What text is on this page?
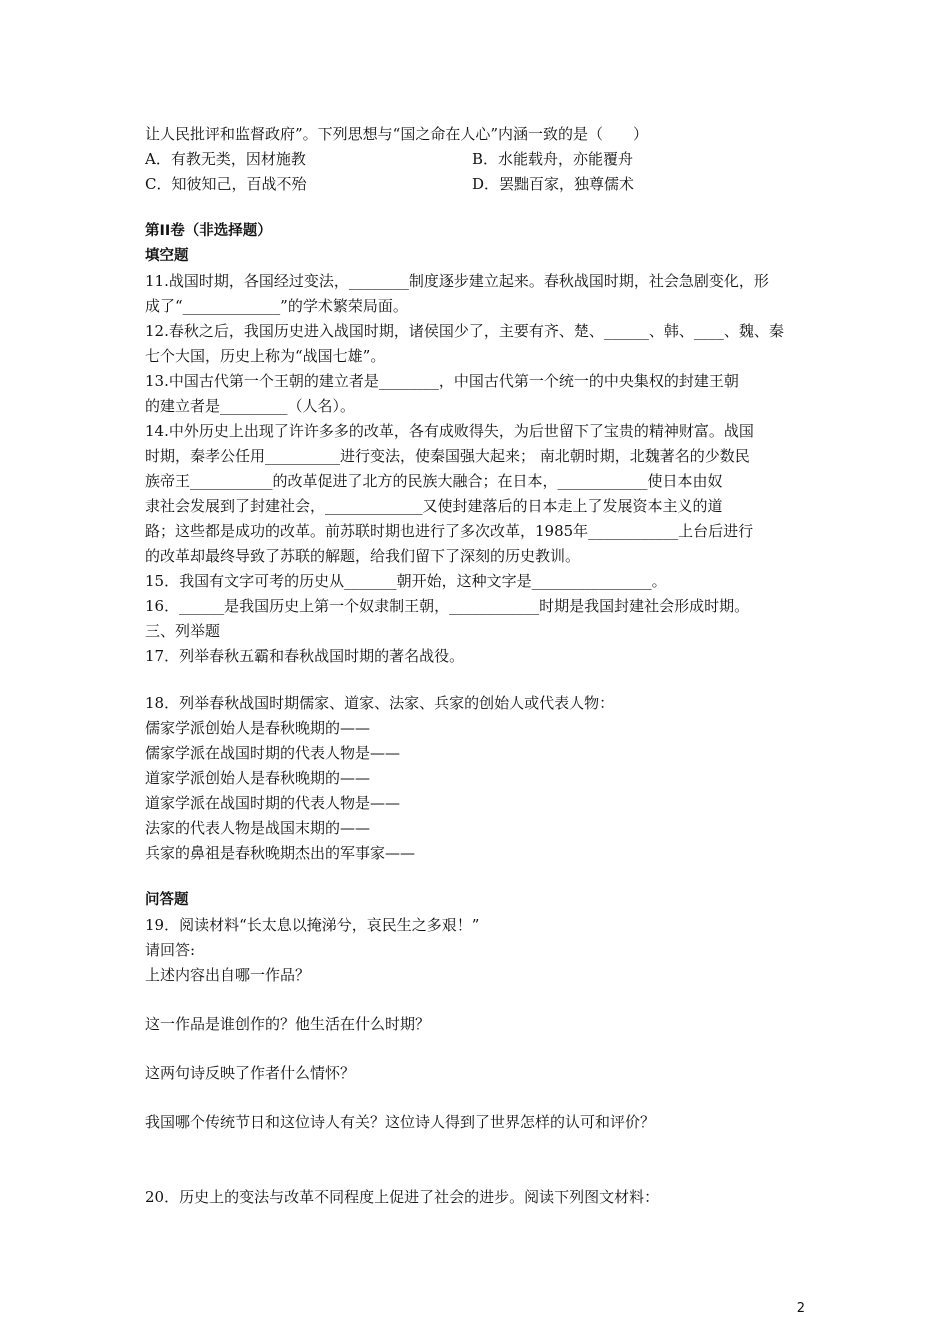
让人民批评和监督政府”。下列思想与“国之命在人心”内涵一致的是（　　）
A．有教无类，因材施教	B．水能载舟，亦能覆舟
C．知彼知己，百战不殆	D．罢黜百家，独尊儒术
第II卷（非选择题）
填空题
11.战国时期，各国经过变法，________制度逐步建立起来。春秋战国时期，社会急剧变化，形
成了“_____________”的学术繁荣局面。
12.春秋之后，我国历史进入战国时期，诸侯国少了，主要有齐、楚、______、韩、____、魏、秦
七个大国，历史上称为“战国七雄”。
13.中国古代第一个王朝的建立者是________，中国古代第一个统一的中央集权的封建王朝
的建立者是_________（人名）。
14.中外历史上出现了许许多多的改革，各有成败得失，为后世留下了宝贵的精神财富。战国
时期，秦孝公任用__________进行变法，使秦国强大起来； 南北朝时期，北魏著名的少数民
族帝王___________的改革促进了北方的民族大融合；在日本，____________使日本由奴
隶社会发展到了封建社会，_____________又使封建落后的日本走上了发展资本主义的道
路；这些都是成功的改革。前苏联时期也进行了多次改革，1985年____________上台后进行
的改革却最终导致了苏联的解题，给我们留下了深刻的历史教训。
15．我国有文字可考的历史从_______朝开始，这种文字是________________。
16．______是我国历史上第一个奴隶制王朝，____________时期是我国封建社会形成时期。
三、列举题
17．列举春秋五霸和春秋战国时期的著名战役。
18．列举春秋战国时期儒家、道家、法家、兵家的创始人或代表人物：
儒家学派创始人是春秋晚期的——
儒家学派在战国时期的代表人物是——
道家学派创始人是春秋晚期的——
道家学派在战国时期的代表人物是——
法家的代表人物是战国末期的——
兵家的鼻祖是春秋晚期杰出的军事家——
问答题
19．阅读材料“长太息以掩涕兮，哀民生之多艰！”
请回答:
上述内容出自哪一作品？
这一作品是谁创作的？他生活在什么时期？
这两句诗反映了作者什么情怀？
我国哪个传统节日和这位诗人有关？这位诗人得到了世界怎样的认可和评价？
20．历史上的变法与改革不同程度上促进了社会的进步。阅读下列图文材料：
2
